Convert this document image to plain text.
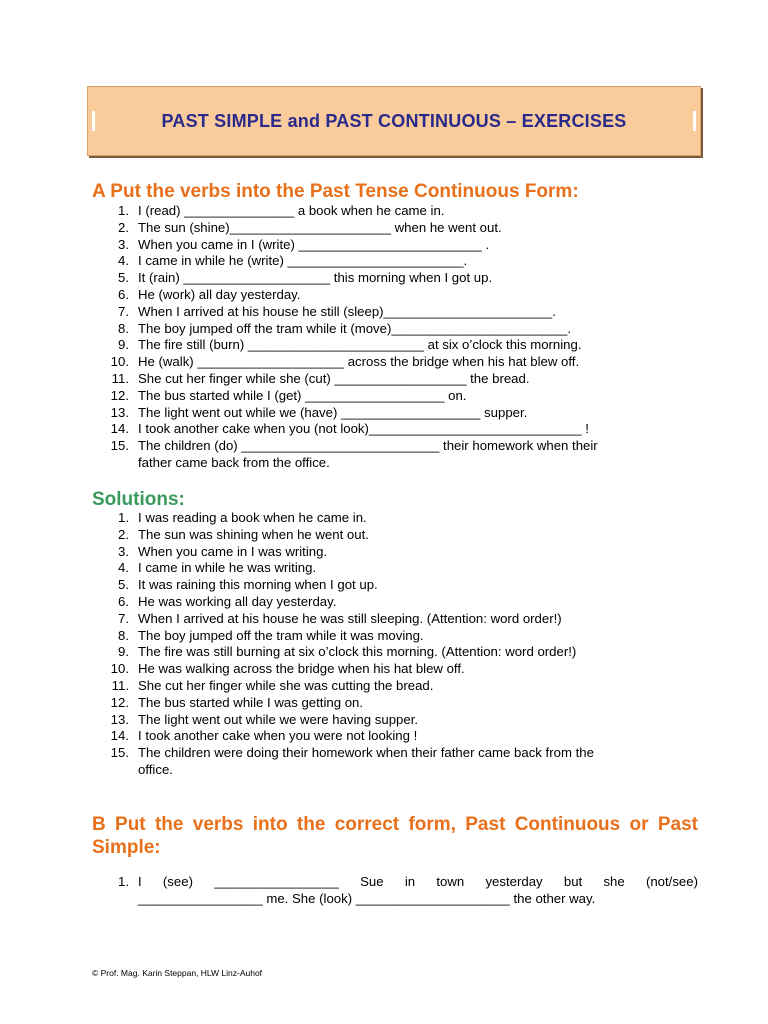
PAST SIMPLE and PAST CONTINUOUS – EXERCISES
A Put the verbs into the Past Tense Continuous Form:
1. I (read) _______________ a book when he came in.
2. The sun (shine)______________________ when he went out.
3. When you came in I (write) _________________________ .
4. I came in while he (write) ________________________.
5. It (rain) ____________________ this morning when I got up.
6. He (work) all day yesterday.
7. When I arrived at his house he still (sleep)_______________________.
8. The boy jumped off the tram while it (move)________________________.
9. The fire still (burn) ________________________ at six o’clock this morning.
10. He (walk) ____________________ across the bridge when his hat blew off.
11. She cut her finger while she (cut) __________________ the bread.
12. The bus started while I (get) ___________________ on.
13. The light went out while we (have) ___________________ supper.
14. I took another cake when you (not look)_____________________________ !
15. The children (do) ___________________________ their homework when their
father came back from the office.
Solutions:
1. I was reading a book when he came in.
2. The sun was shining when he went out.
3. When you came in I was writing.
4. I came in while he was writing.
5. It was raining this morning when I got up.
6. He was working all day yesterday.
7. When I arrived at his house he was still sleeping. (Attention: word order!)
8. The boy jumped off the tram while it was moving.
9. The fire was still burning at six o’clock this morning. (Attention: word order!)
10. He was walking across the bridge when his hat blew off.
11. She cut her finger while she was cutting the bread.
12. The bus started while I was getting on.
13. The light went out while we were having supper.
14. I took another cake when you were not looking !
15. The children were doing their homework when their father came back from the
office.
B Put the verbs into the correct form, Past Continuous or Past Simple:
1. I (see) _________________ Sue in town yesterday but she (not/see)
_________________ me. She (look) _____________________ the other way.
© Prof. Mag. Karin Steppan, HLW Linz-Auhof
